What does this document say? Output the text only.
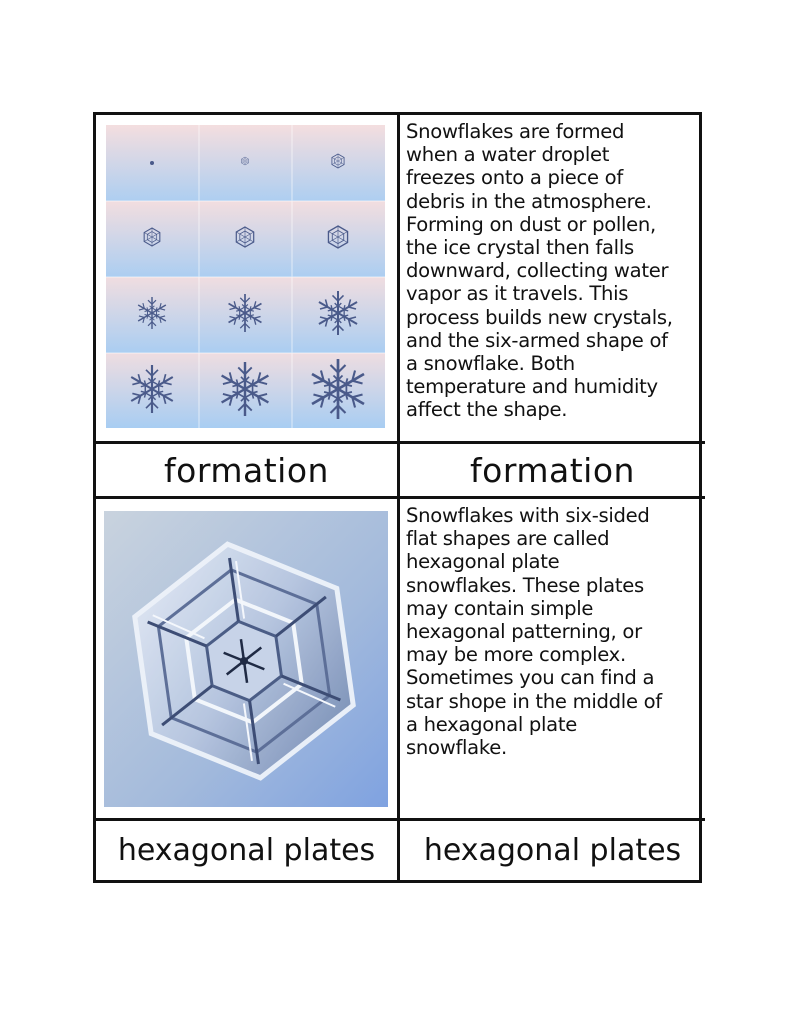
Snowflakes are formed
when a water droplet
freezes onto a piece of
debris in the atmosphere.
Forming on dust or pollen,
the ice crystal then falls
downward, collecting water
vapor as it travels. This
process builds new crystals,
and the six-armed shape of
a snowflake. Both
temperature and humidity
affect the shape.
formation	formation
Snowflakes with six-sided
flat shapes are called
hexagonal plate
snowflakes. These plates
may contain simple
hexagonal patterning, or
may be more complex.
Sometimes you can find a
star shope in the middle of
a hexagonal plate
snowflake.
hexagonal plates hexagonal plates
